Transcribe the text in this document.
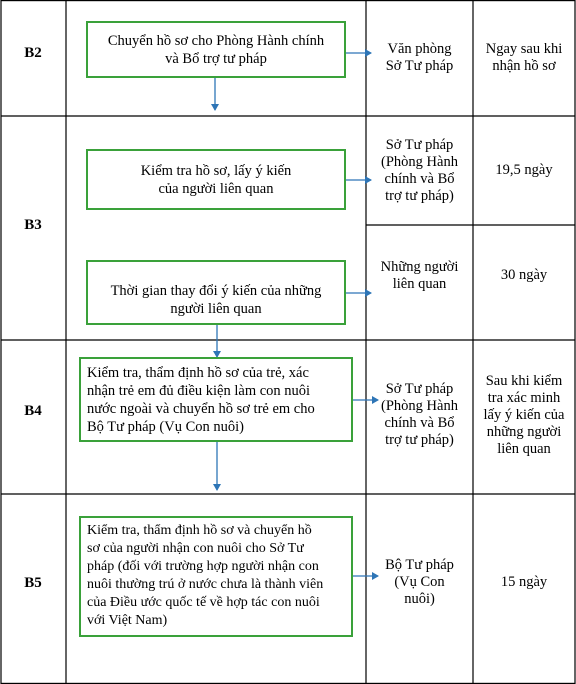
B2
B3
B4
B5
Chuyển hồ sơ cho Phòng Hành chính
và Bổ trợ tư pháp
Kiểm tra hồ sơ, lấy ý kiến
của người liên quan
Thời gian thay đổi ý kiến của những
người liên quan
Kiểm tra, thẩm định hồ sơ của trẻ, xác
nhận trẻ em đủ điều kiện làm con nuôi
nước ngoài và chuyển hồ sơ trẻ em cho
Bộ Tư pháp (Vụ Con nuôi)
Kiểm tra, thẩm định hồ sơ và chuyển hồ
sơ của người nhận con nuôi cho Sở Tư
pháp (đối với trường hợp người nhận con
nuôi thường trú ở nước chưa là thành viên
của Điều ước quốc tế về hợp tác con nuôi
với Việt Nam)
Văn phòng
Sở Tư pháp
Sở Tư pháp
(Phòng Hành
chính và Bổ
trợ tư pháp)
Những người
liên quan
Sở Tư pháp
(Phòng Hành
chính và Bổ
trợ tư pháp)
Bộ Tư pháp
(Vụ Con
nuôi)
Ngay sau khi
nhận hồ sơ
19,5 ngày
30 ngày
Sau khi kiểm
tra xác minh
lấy ý kiến của
những người
liên quan
15 ngày
